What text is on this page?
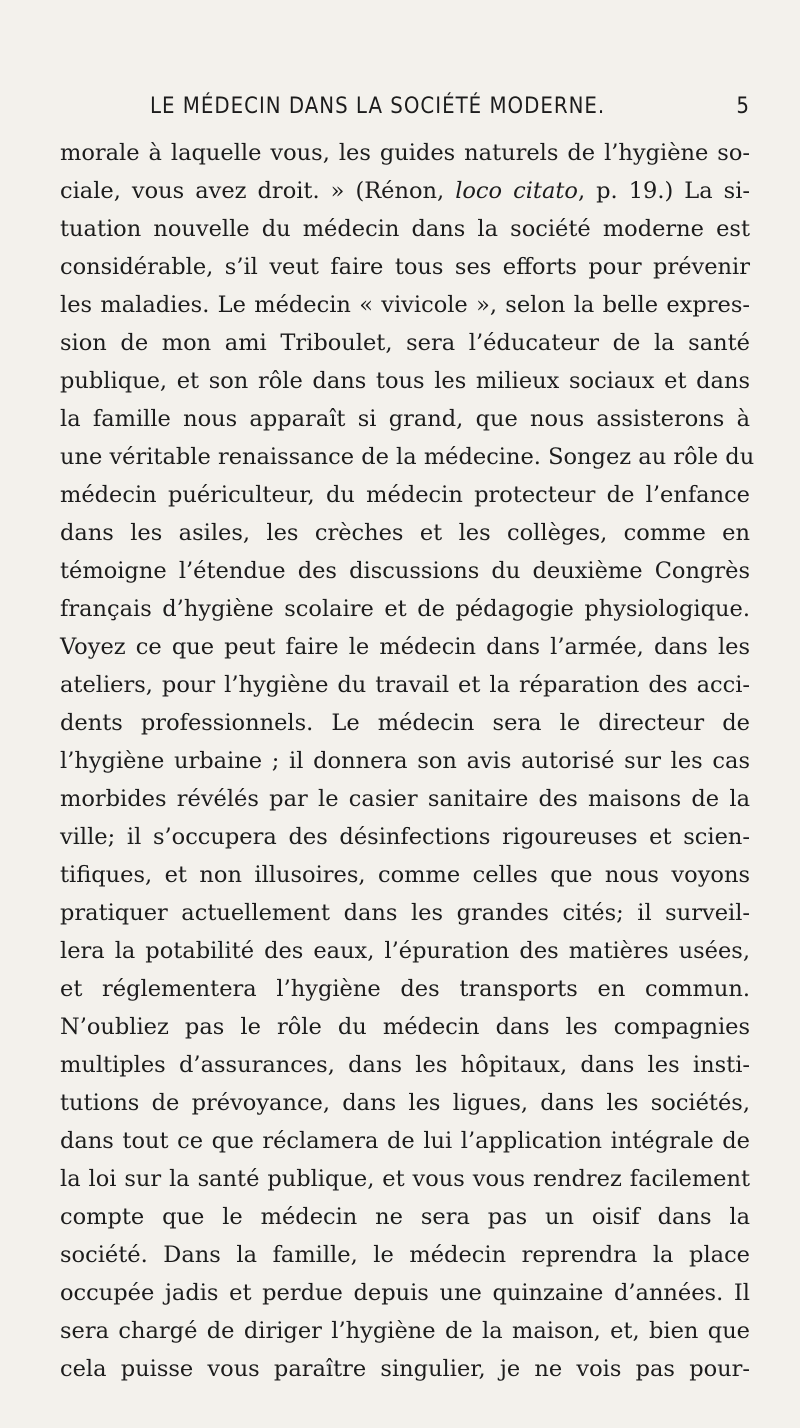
LE MÉDECIN DANS LA SOCIÉTÉ MODERNE.	5
morale à laquelle vous, les guides naturels de l’hygiène so-
ciale, vous avez droit. » (Rénon, loco citato, p. 19.) La si-
tuation nouvelle du médecin dans la société moderne est
considérable, s’il veut faire tous ses efforts pour prévenir
les maladies. Le médecin « vivicole », selon la belle expres-
sion de mon ami Triboulet, sera l’éducateur de la santé
publique, et son rôle dans tous les milieux sociaux et dans
la famille nous apparaît si grand, que nous assisterons à
une véritable renaissance de la médecine. Songez au rôle du
médecin puériculteur, du médecin protecteur de l’enfance
dans les asiles, les crèches et les collèges, comme en
témoigne l’étendue des discussions du deuxième Congrès
français d’hygiène scolaire et de pédagogie physiologique.
Voyez ce que peut faire le médecin dans l’armée, dans les
ateliers, pour l’hygiène du travail et la réparation des acci-
dents professionnels. Le médecin sera le directeur de
l’hygiène urbaine ; il donnera son avis autorisé sur les cas
morbides révélés par le casier sanitaire des maisons de la
ville; il s’occupera des désinfections rigoureuses et scien-
tifiques, et non illusoires, comme celles que nous voyons
pratiquer actuellement dans les grandes cités; il surveil-
lera la potabilité des eaux, l’épuration des matières usées,
et réglementera l’hygiène des transports en commun.
N’oubliez pas le rôle du médecin dans les compagnies
multiples d’assurances, dans les hôpitaux, dans les insti-
tutions de prévoyance, dans les ligues, dans les sociétés,
dans tout ce que réclamera de lui l’application intégrale de
la loi sur la santé publique, et vous vous rendrez facilement
compte que le médecin ne sera pas un oisif dans la
société. Dans la famille, le médecin reprendra la place
occupée jadis et perdue depuis une quinzaine d’années. Il
sera chargé de diriger l’hygiène de la maison, et, bien que
cela puisse vous paraître singulier, je ne vois pas pour-
